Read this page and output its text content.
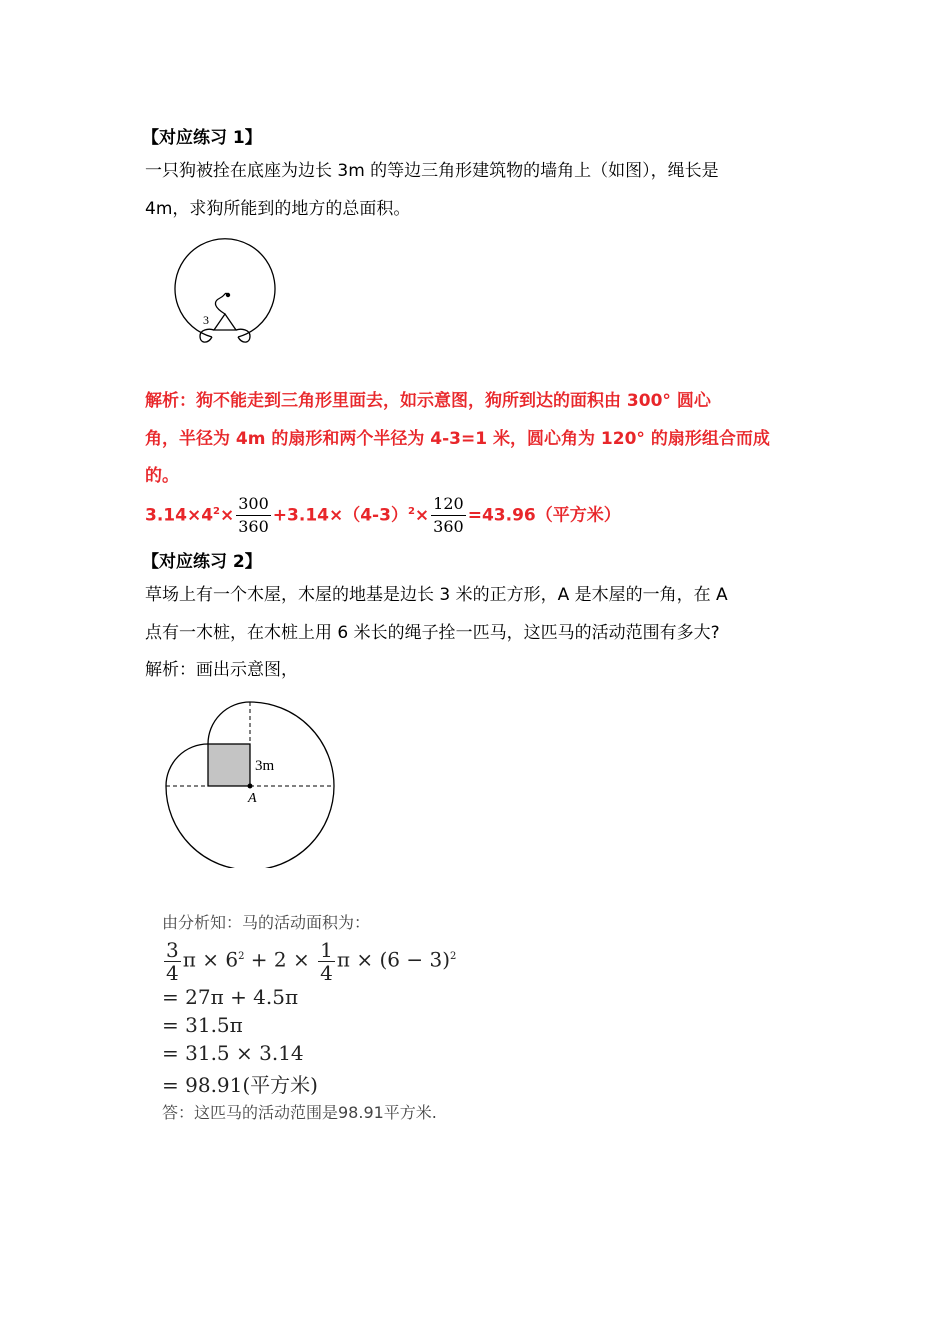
【对应练习 1】
一只狗被拴在底座为边长 3m 的等边三角形建筑物的墙角上（如图），绳长是
4m，求狗所能到的地方的总面积。
3
解析：狗不能走到三角形里面去，如示意图，狗所到达的面积由 300° 圆心
角，半径为 4m 的扇形和两个半径为 4-3=1 米，圆心角为 120° 的扇形组合而成
的。
$3.14\times 4^2\times \frac{300}{360} +3.14\times(4-3)^2\times \frac{120}{360} =43.96$（平方米）
【对应练习 2】
草场上有一个木屋，木屋的地基是边长 3 米的正方形，A 是木屋的一角，在 A
点有一木桩，在木桩上用 6 米长的绳子拴一匹马，这匹马的活动范围有多大?
解析：画出示意图，
3m
A
由分析知：马的活动面积为：
$\frac{3}{4}$ $\pi \times 6^2 + 2 \times \frac{1}{4}$ $\pi \times (6 - 3)^2$
= 27π + 4.5π
= 31.5π
= 31.5 × 3.14
= 98.91(平方米)
答：这匹马的活动范围是98.91平方米.
